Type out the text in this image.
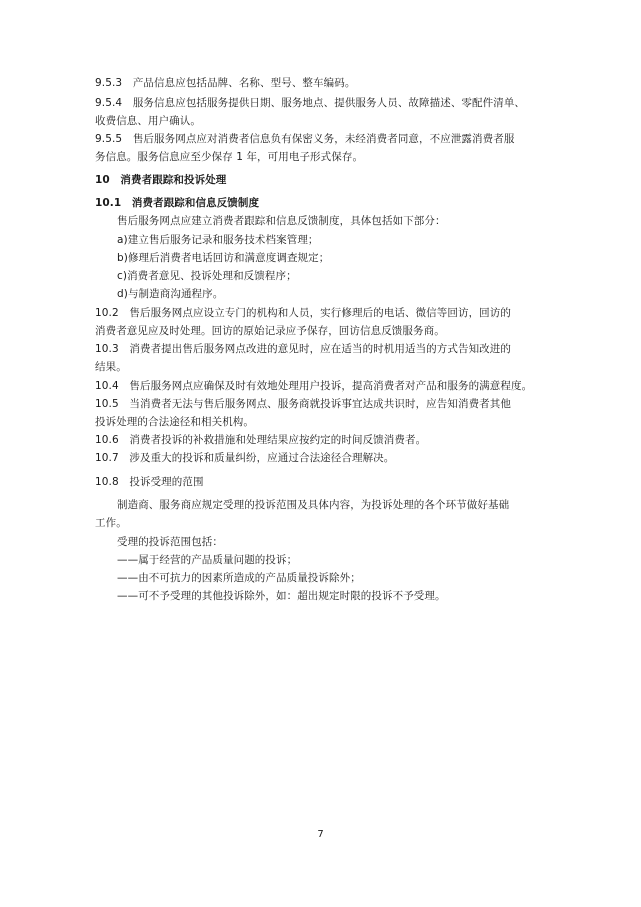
9.5.3　产品信息应包括品牌、名称、型号、整车编码。
9.5.4　服务信息应包括服务提供日期、服务地点、提供服务人员、故障描述、零配件清单、
收费信息、用户确认。
9.5.5　售后服务网点应对消费者信息负有保密义务，未经消费者同意，不应泄露消费者服
务信息。服务信息应至少保存 1 年，可用电子形式保存。
10　消费者跟踪和投诉处理
10.1　消费者跟踪和信息反馈制度
售后服务网点应建立消费者跟踪和信息反馈制度，具体包括如下部分：
a)建立售后服务记录和服务技术档案管理；
b)修理后消费者电话回访和满意度调查规定；
c)消费者意见、投诉处理和反馈程序；
d)与制造商沟通程序。
10.2　售后服务网点应设立专门的机构和人员，实行修理后的电话、微信等回访，回访的
消费者意见应及时处理。回访的原始记录应予保存，回访信息反馈服务商。
10.3　消费者提出售后服务网点改进的意见时，应在适当的时机用适当的方式告知改进的
结果。
10.4　售后服务网点应确保及时有效地处理用户投诉，提高消费者对产品和服务的满意程度。
10.5　当消费者无法与售后服务网点、服务商就投诉事宜达成共识时，应告知消费者其他
投诉处理的合法途径和相关机构。
10.6　消费者投诉的补救措施和处理结果应按约定的时间反馈消费者。
10.7　涉及重大的投诉和质量纠纷，应通过合法途径合理解决。
10.8　投诉受理的范围
制造商、服务商应规定受理的投诉范围及具体内容，为投诉处理的各个环节做好基础
工作。
受理的投诉范围包括：
——属于经营的产品质量问题的投诉；
——由不可抗力的因素所造成的产品质量投诉除外；
——可不予受理的其他投诉除外，如：超出规定时限的投诉不予受理。
7
